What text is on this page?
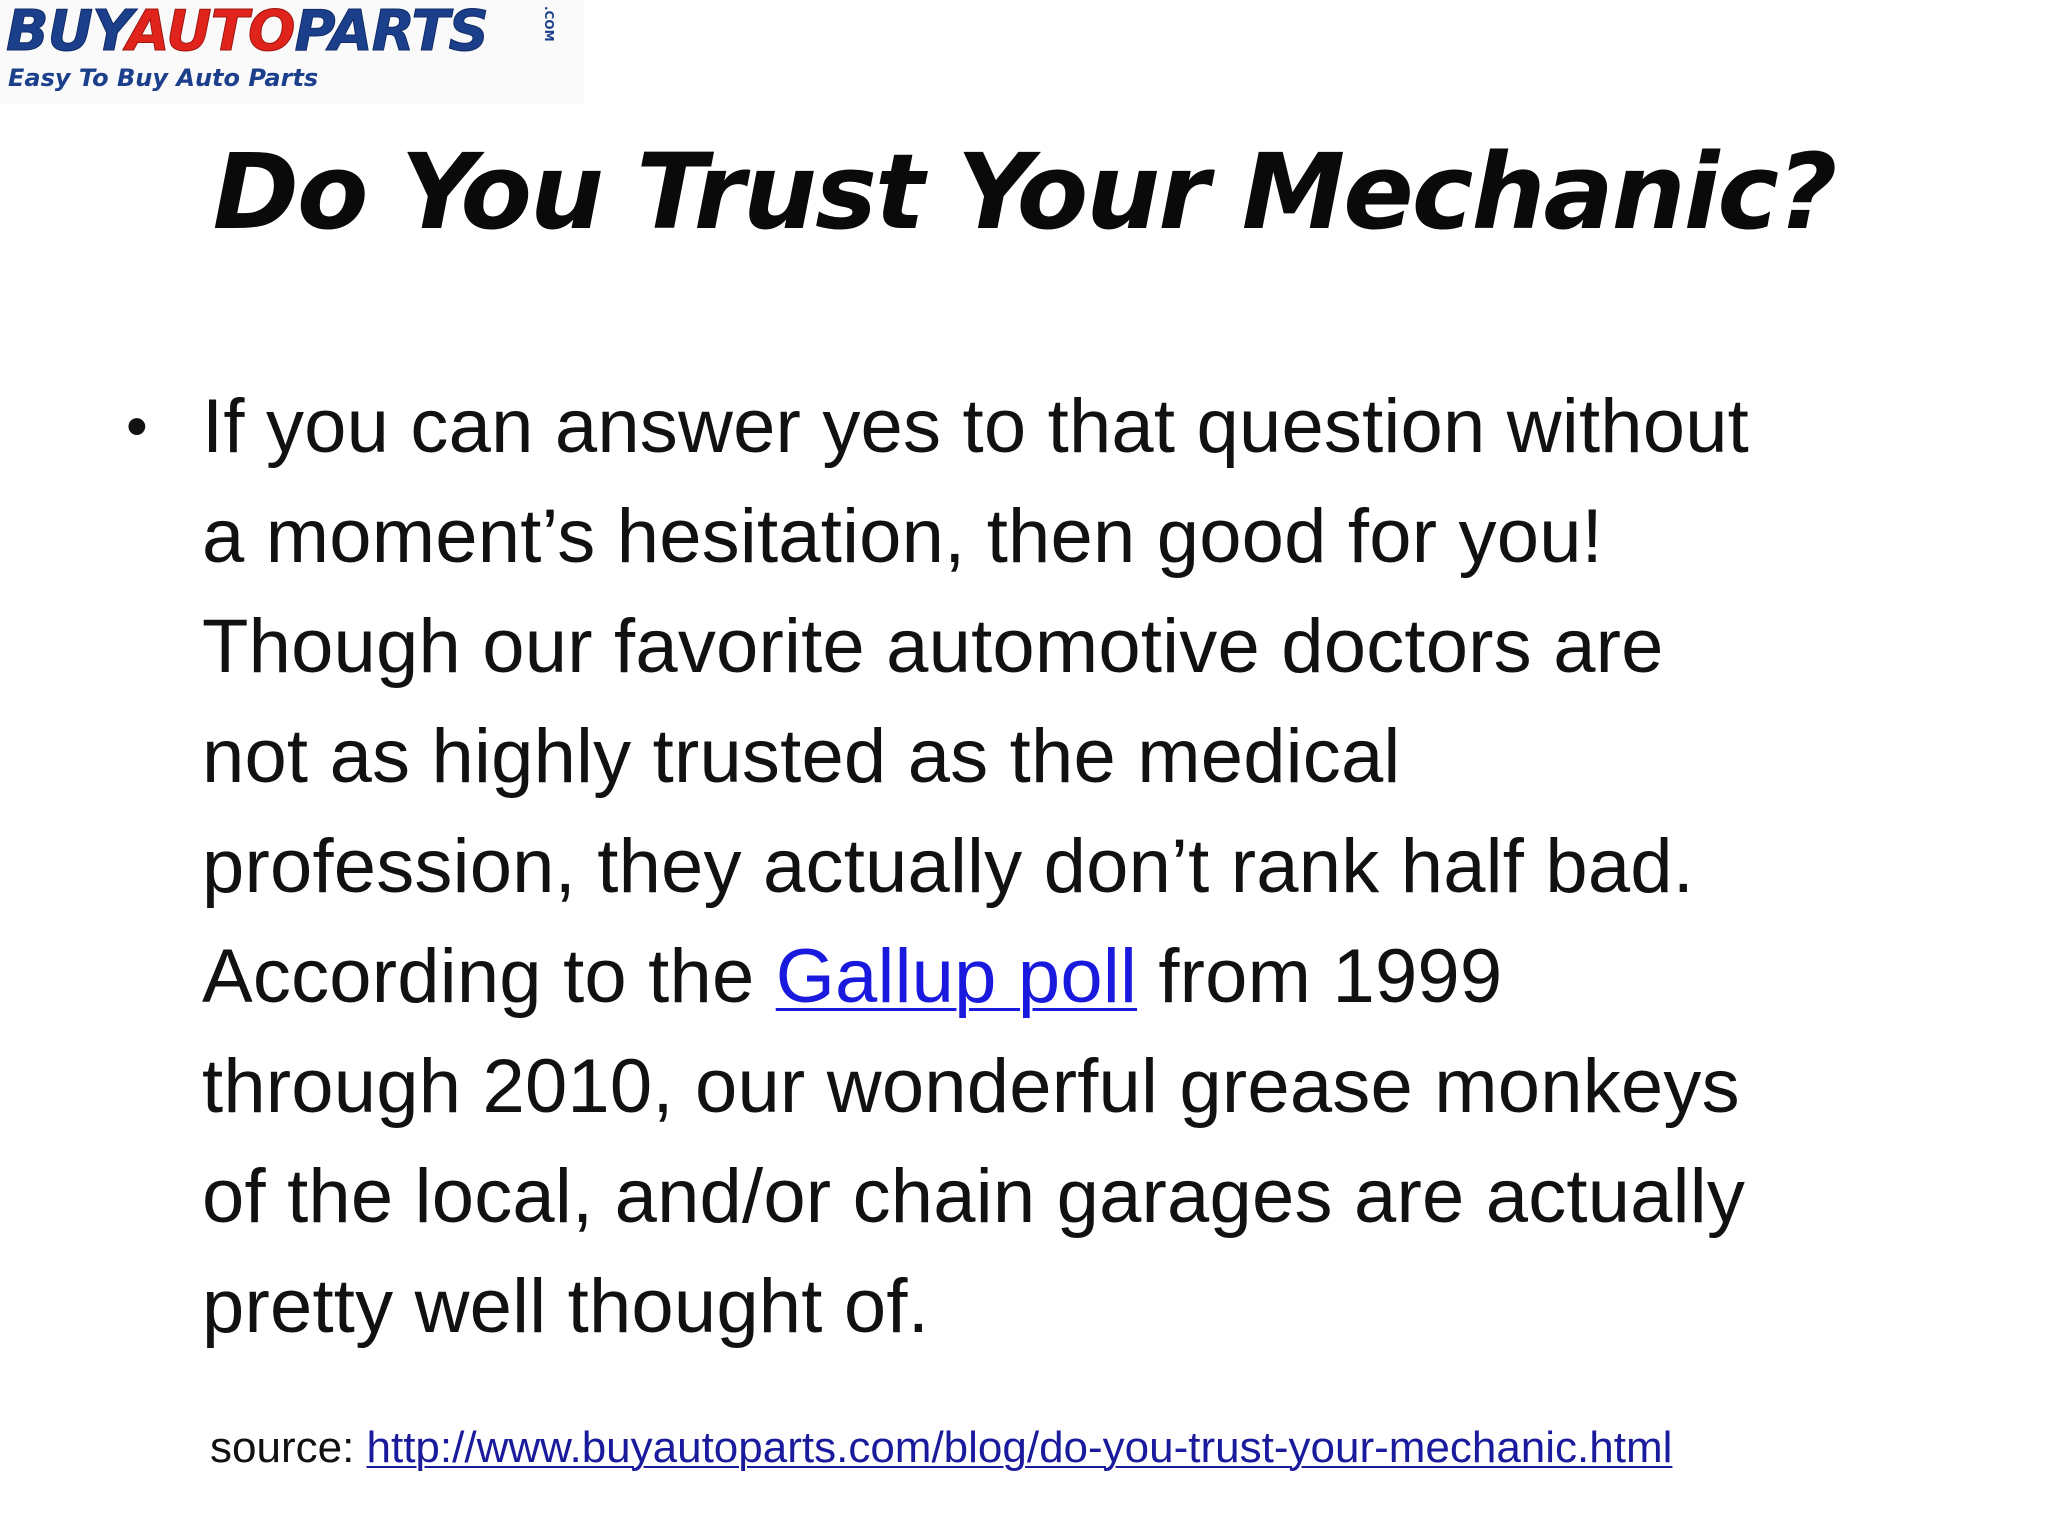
BUYAUTOPARTS	.COM
Easy To Buy Auto Parts
Do You Trust Your Mechanic?
• If you can answer yes to that question without
a moment’s hesitation, then good for you!
Though our favorite automotive doctors are
not as highly trusted as the medical
profession, they actually don’t rank half bad.
According to the Gallup poll from 1999
through 2010, our wonderful grease monkeys
of the local, and/or chain garages are actually
pretty well thought of.
source: http://www.buyautoparts.com/blog/do-you-trust-your-mechanic.html
